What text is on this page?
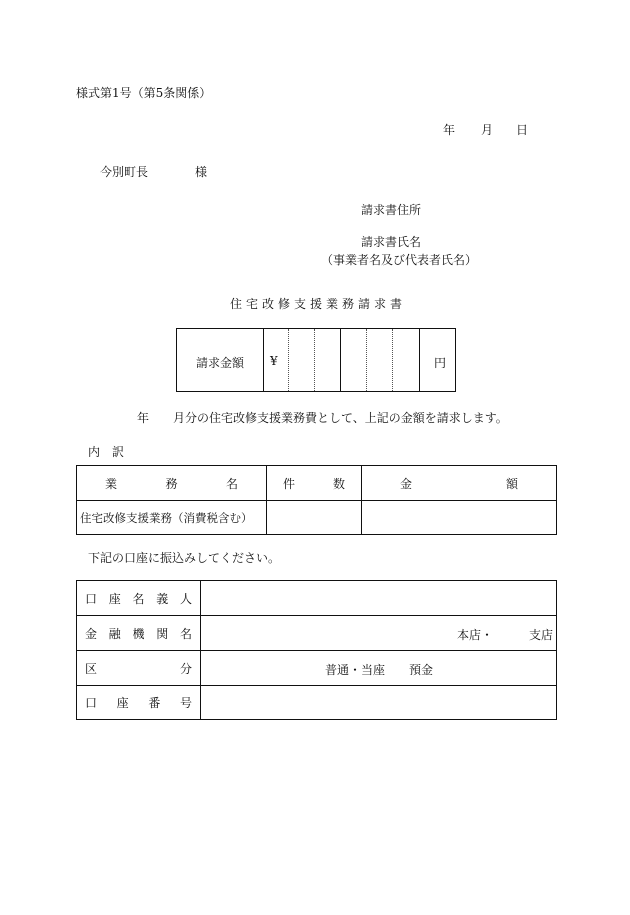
様式第1号（第5条関係）
年 月 日
今別町長	様
請求書住所
請求書氏名
（事業者名及び代表者氏名）
住宅改修支援業務請求書
請求金額	¥	円
年 月分の住宅改修支援業務費として、上記の金額を請求します。
内　訳
業 務 名	件 数	金 額

住宅改修支援業務（消費税含む）		
下記の口座に振込みしてください。
口 座 名 義 人	

金 融 機 関 名	本店・ 支店

区 分	普通・当座　　預金

口 座 番 号	
